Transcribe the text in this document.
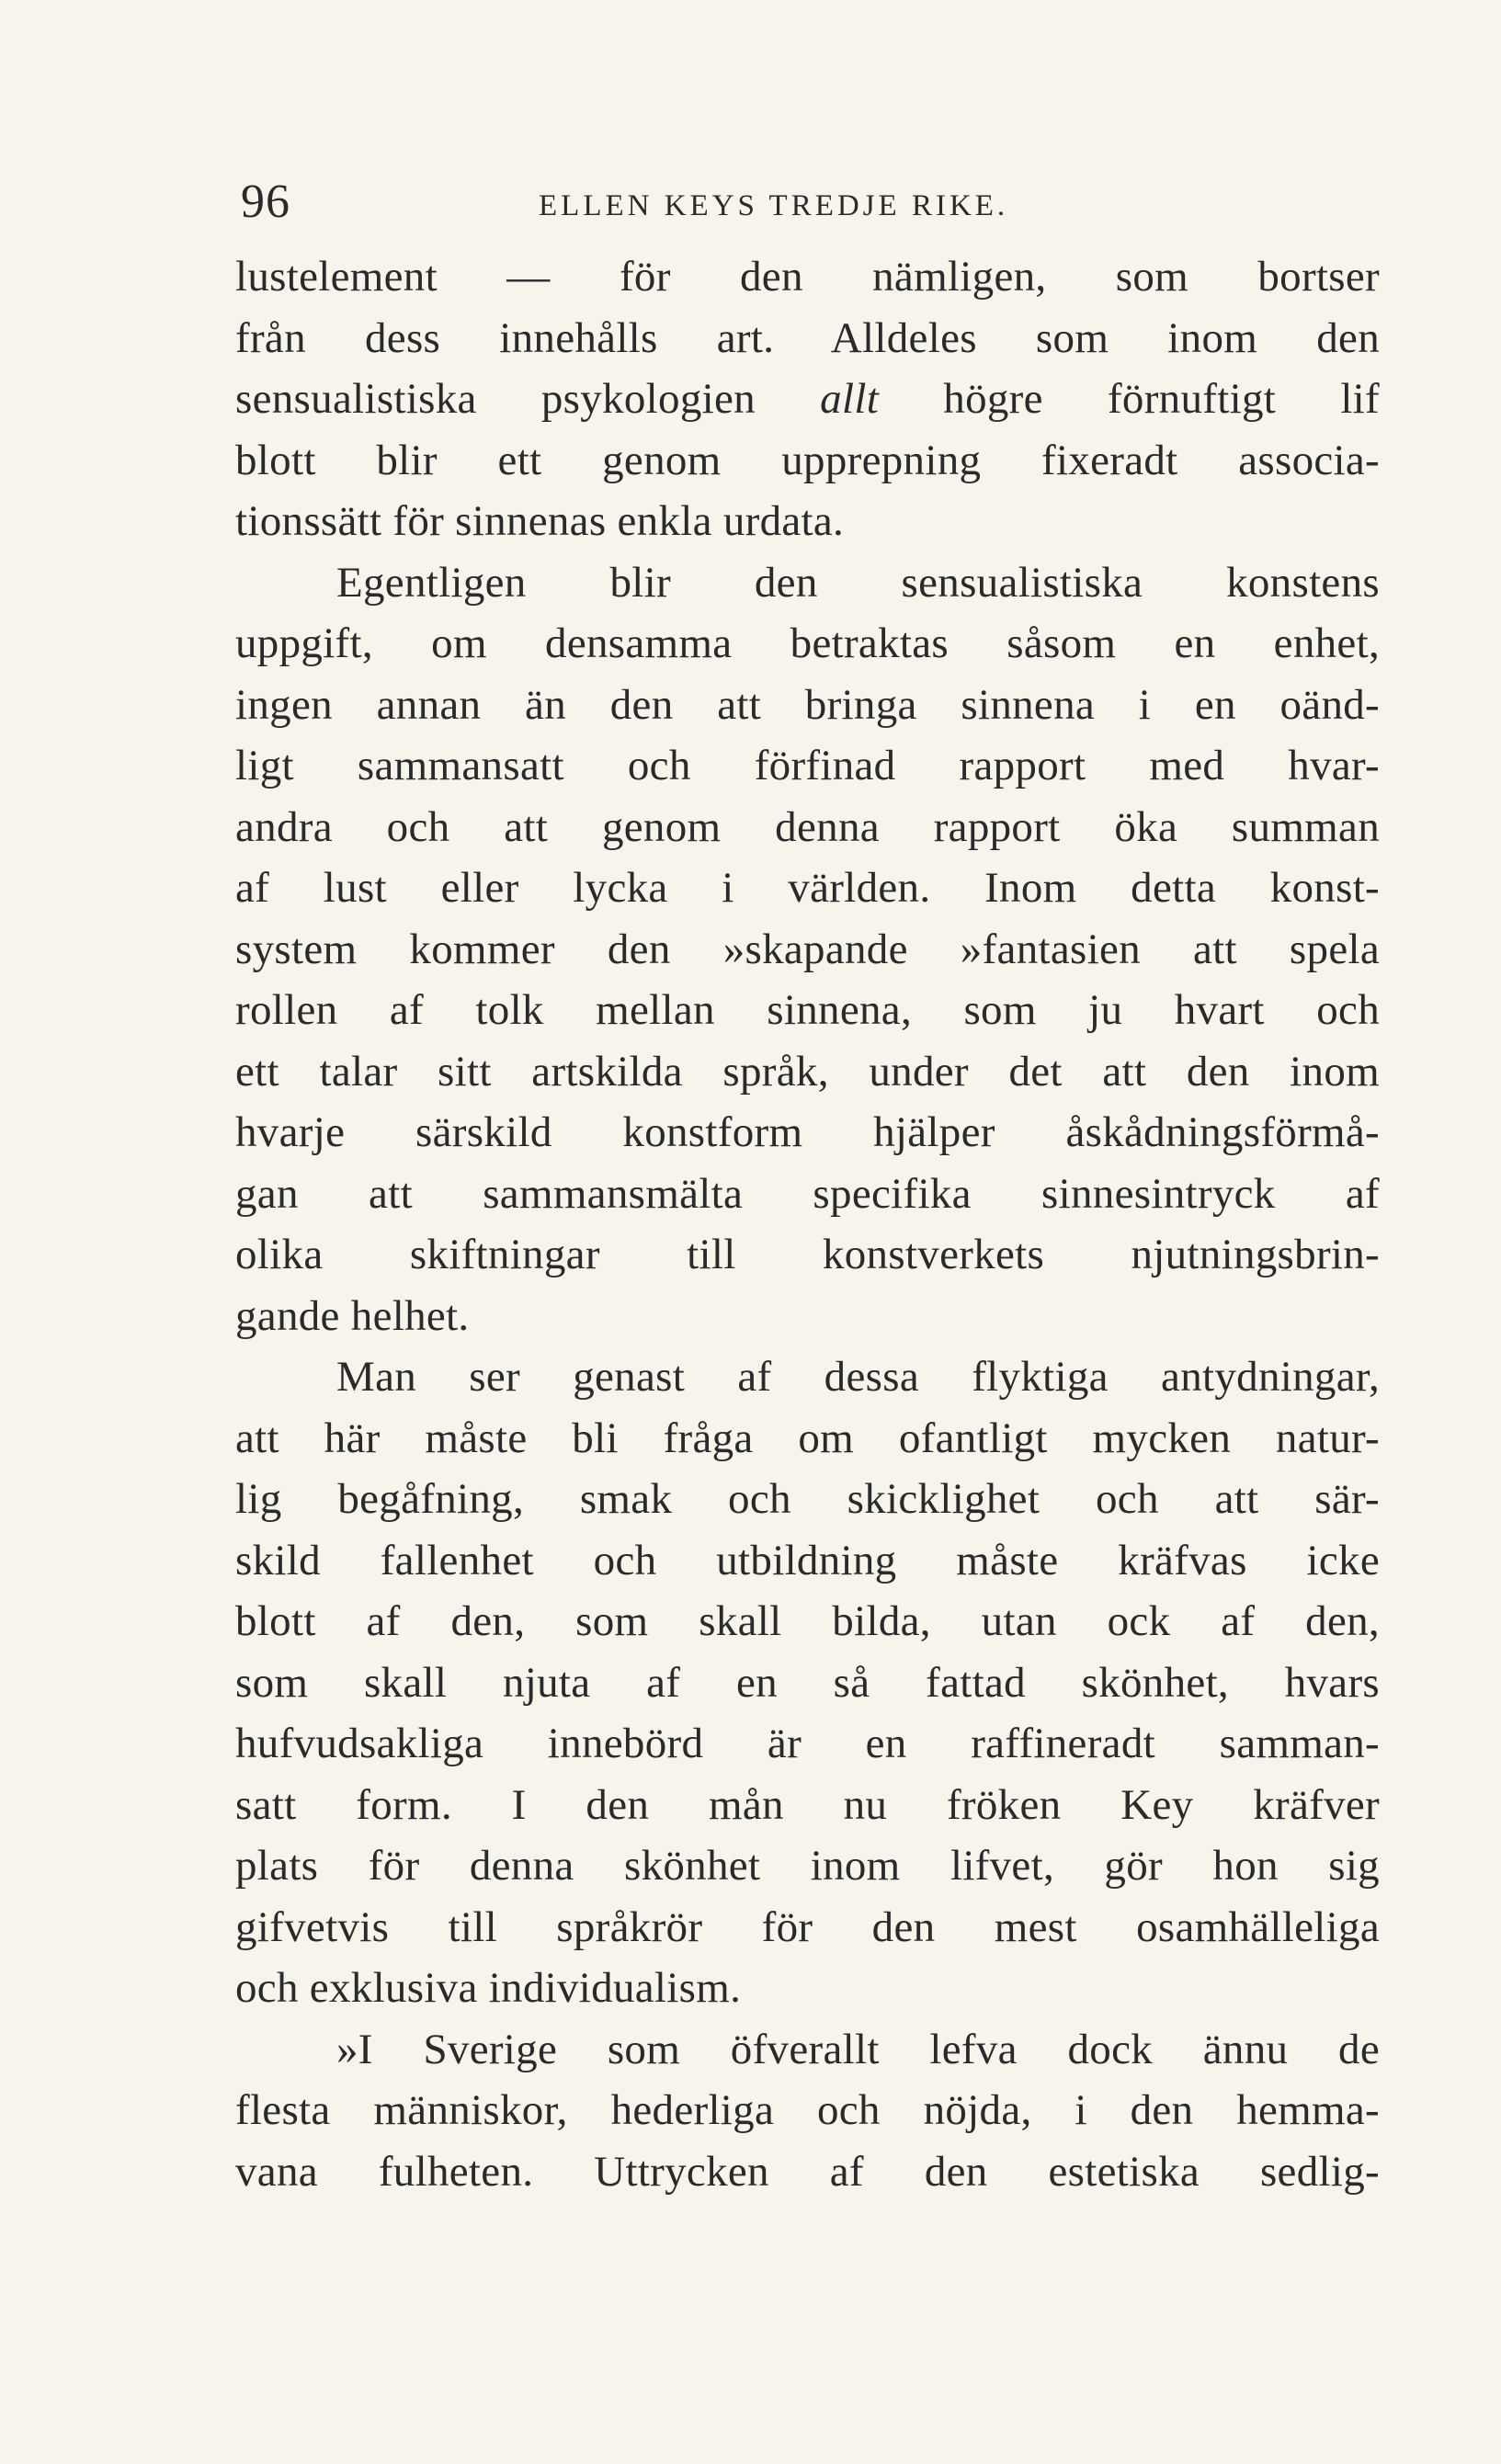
96	ELLEN KEYS TREDJE RIKE.
lustelement — för den nämligen, som bortser
från dess innehålls art. Alldeles som inom den
sensualistiska psykologien allt högre förnuftigt lif
blott blir ett genom upprepning fixeradt associa-
tionssätt för sinnenas enkla urdata.
Egentligen blir den sensualistiska konstens
uppgift, om densamma betraktas såsom en enhet,
ingen annan än den att bringa sinnena i en oänd-
ligt sammansatt och förfinad rapport med hvar-
andra och att genom denna rapport öka summan
af lust eller lycka i världen. Inom detta konst-
system kommer den »skapande »fantasien att spela
rollen af tolk mellan sinnena, som ju hvart och
ett talar sitt artskilda språk, under det att den inom
hvarje särskild konstform hjälper åskådningsförmå-
gan att sammansmälta specifika sinnesintryck af
olika skiftningar till konstverkets njutningsbrin-
gande helhet.
Man ser genast af dessa flyktiga antydningar,
att här måste bli fråga om ofantligt mycken natur-
lig begåfning, smak och skicklighet och att sär-
skild fallenhet och utbildning måste kräfvas icke
blott af den, som skall bilda, utan ock af den,
som skall njuta af en så fattad skönhet, hvars
hufvudsakliga innebörd är en raffineradt samman-
satt form. I den mån nu fröken Key kräfver
plats för denna skönhet inom lifvet, gör hon sig
gifvetvis till språkrör för den mest osamhälleliga
och exklusiva individualism.
»I Sverige som öfverallt lefva dock ännu de
flesta människor, hederliga och nöjda, i den hemma-
vana fulheten. Uttrycken af den estetiska sedlig-
